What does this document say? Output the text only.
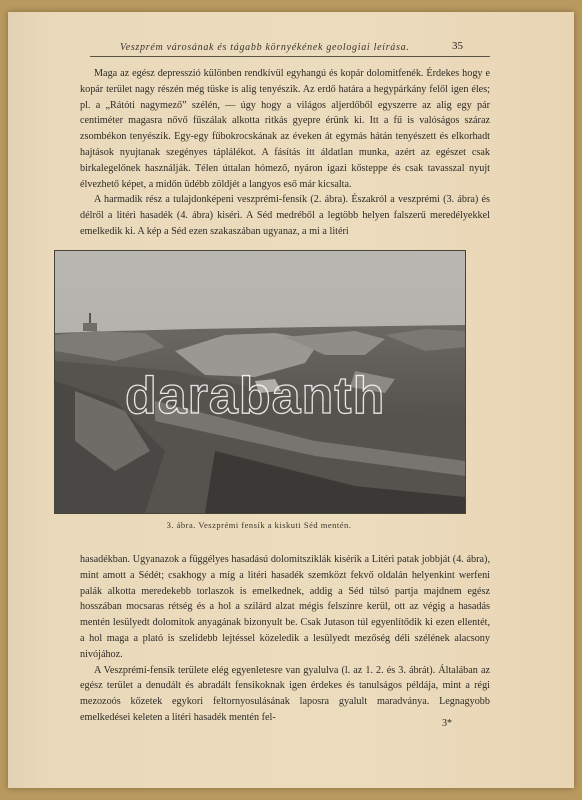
Veszprém városának és tágabb környékének geologiai leírása.	35

Maga az egész depresszió különben rendkívül egyhangú és kopár dolomitfenék. Érdekes hogy e kopár terület nagy részén még tüske is alig tenyészik. Az erdő határa a hegypárkány felől igen éles; pl. a „Rátóti nagymező” szélén, — úgy hogy a világos aljerdőből egyszerre az alig egy pár centiméter magasra nővő fűszálak alkotta ritkás gyepre érünk ki. Itt a fű is valóságos száraz zsombékon tenyészik. Egy-egy fűbokrocskának az éveken át egymás hátán tenyészett és elkorhadt hajtások nyujtanak szegényes táplálékot. A fásítás itt áldatlan munka, azért az egészet csak birkalegelőnek használják. Télen úttalan hómező, nyáron igazi kősteppe és csak tavasszal nyujt élvezhető képet, a midőn üdébb zöldjét a langyos eső már kicsalta.

A harmadik rész a tulajdonképeni veszprémi-fensík (2. ábra). Északról a veszprémi (3. ábra) és délről a litéri hasadék (4. ábra) kiséri. A Séd medréből a legtöbb helyen falszerű meredélyekkel emelkedik ki. A kép a Séd ezen szakaszában ugyanaz, a mi a litéri

3. ábra. Veszprémi fensík a kiskuti Séd mentén.

hasadékban. Ugyanazok a függélyes hasadású dolomitsziklák kisérik a Litéri patak jobbját (4. ábra), mint amott a Sédét; csakhogy a míg a litéri hasadék szemközt fekvő oldalán helyenkint werfeni palák alkotta meredekebb torlaszok is emelkednek, addig a Séd túlsó partja majdnem egész hosszában mocsaras rétség és a hol a szilárd alzat mégis felszínre kerül, ott az végig a hasadás mentén lesülyedt dolomitok anyagának bizonyult be. Csak Jutason túl egyenlítődik ki ezen ellentét, a hol maga a plató is szelídebb lejtéssel közeledik a lesülyedt mezőség déli szélének alacsony nivójához.

A Veszprémi-fensík területe elég egyenletesre van gyalulva (l. az 1. 2. és 3. ábrát). Általában az egész terület a denudált és abradált fensikoknak igen érdekes és tanulságos példája, mint a régi mezozoós kőzetek egykori feltornyosulásának laposra gyalult maradványa. Legnagyobb emelkedései keleten a litéri hasadék mentén fel-

3*
